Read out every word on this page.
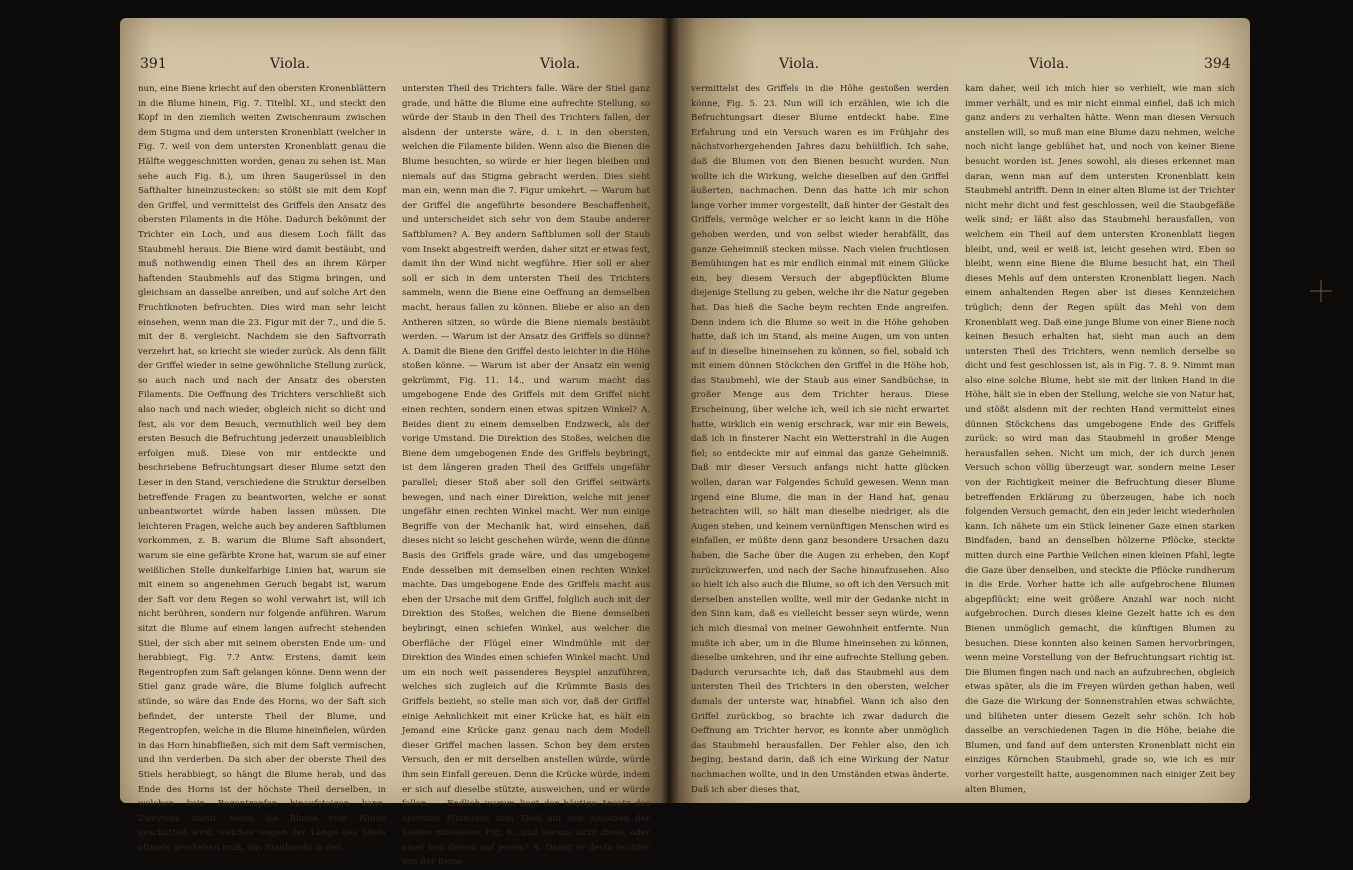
391	Viola.	Viola.

nun, eine Biene kriecht auf den obersten Kronenblättern in die Blume hinein, Fig. 7. Titelbl. XI., und steckt den Kopf in den ziemlich weiten Zwischenraum zwischen dem Stigma und dem untersten Kronenblatt (welcher in Fig. 7. weil von dem untersten Kronenblatt genau die Hälfte weggeschnitten worden, genau zu sehen ist. Man sehe auch Fig. 8.), um ihren Saugerüssel in den Safthalter hineinzustecken: so stößt sie mit dem Kopf den Griffel, und vermittelst des Griffels den Ansatz des obersten Filaments in die Höhe. Dadurch bekömmt der Trichter ein Loch, und aus diesem Loch fällt das Staubmehl heraus. Die Biene wird damit bestäubt, und muß nothwendig einen Theil des an ihrem Körper haftenden Staubmehls auf das Stigma bringen, und gleichsam an dasselbe anreiben, und auf solche Art den Fruchtknoten befruchten. Dies wird man sehr leicht einsehen, wenn man die 23. Figur mit der 7., und die 5. mit der 8. vergleicht. Nachdem sie den Saftvorrath verzehrt hat, so kriecht sie wieder zurück. Als denn fällt der Griffel wieder in seine gewöhnliche Stellung zurück, so auch nach und nach der Ansatz des obersten Filaments. Die Oeffnung des Trichters verschließt sich also nach und nach wieder, obgleich nicht so dicht und fest, als vor dem Besuch, vermuthlich weil bey dem ersten Besuch die Befruchtung jederzeit unausbleiblich erfolgen muß. Diese von mir entdeckte und beschriebene Befruchtungsart dieser Blume setzt den Leser in den Stand, verschiedene die Struktur derselben betreffende Fragen zu beantworten, welche er sonst unbeantwortet würde haben lassen müssen. Die leichteren Fragen, welche auch bey anderen Saftblumen vorkommen, z. B. warum die Blume Saft absondert, warum sie eine gefärbte Krone hat, warum sie auf einer weißlichen Stelle dunkelfarbige Linien hat, warum sie mit einem so angenehmen Geruch begabt ist, warum der Saft vor dem Regen so wohl verwahrt ist, will ich nicht berühren, sondern nur folgende anführen. Warum sitzt die Blume auf einem langen aufrecht stehenden Stiel, der sich aber mit seinem obersten Ende um- und herabbiegt, Fig. 7.? Antw. Erstens, damit kein Regentropfen zum Saft gelangen könne. Denn wenn der Stiel ganz grade wäre, die Blume folglich aufrecht stünde, so wäre das Ende des Horns, wo der Saft sich befindet, der unterste Theil der Blume, und Regentropfen, welche in die Blume hineinfielen, würden in das Horn hinabfließen, sich mit dem Saft vermischen, und ihn verderben. Da sich aber der oberste Theil des Stiels herabbiegt, so hängt die Blume herab, und das Ende des Horns ist der höchste Theil derselben, in welchen kein Regentropfen hinaufsteigen kann. Zweytens damit, wenn die Blume vom Winde geschüttelt wird, welches wegen der Länge des Stiels oftmals geschehen muß, das Staubmehl in den

untersten Theil des Trichters falle. Wäre der Stiel ganz grade, und hätte die Blume eine aufrechte Stellung, so würde der Staub in den Theil des Trichters fallen, der alsdenn der unterste wäre, d. i. in den obersten, welchen die Filamente bilden. Wenn also die Bienen die Blume besuchten, so würde er hier liegen bleiben und niemals auf das Stigma gebracht werden. Dies sieht man ein, wenn man die 7. Figur umkehrt. — Warum hat der Griffel die angeführte besondere Beschaffenheit, und unterscheidet sich sehr von dem Staube anderer Saftblumen? A. Bey andern Saftblumen soll der Staub vom Insekt abgestreift werden, daher sitzt er etwas fest, damit ihn der Wind nicht wegführe. Hier soll er aber soll er sich in dem untersten Theil des Trichters sammeln, wenn die Biene eine Oeffnung an demselben macht, heraus fallen zu können. Bliebe er also an den Antheren sitzen, so würde die Biene niemals bestäubt werden. — Warum ist der Ansatz des Griffels so dünne? A. Damit die Biene den Griffel desto leichter in die Höhe stoßen könne. — Warum ist aber der Ansatz ein wenig gekrümmt, Fig. 11. 14., und warum macht das umgebogene Ende des Griffels mit dem Griffel nicht einen rechten, sondern einen etwas spitzen Winkel? A. Beides dient zu einem demselben Endzweck, als der vorige Umstand. Die Direktion des Stoßes, welchen die Biene dem umgebogenen Ende des Griffels beybringt, ist dem längeren graden Theil des Griffels ungefähr parallel; dieser Stoß aber soll den Griffel seitwärts bewegen, und nach einer Direktion, welche mit jener ungefähr einen rechten Winkel macht. Wer nun einige Begriffe von der Mechanik hat, wird einsehen, daß dieses nicht so leicht geschehen würde, wenn die dünne Basis des Griffels grade wäre, und das umgebogene Ende desselben mit demselben einen rechten Winkel machte. Das umgebogene Ende des Griffels macht aus eben der Ursache mit dem Griffel, folglich auch mit der Direktion des Stoßes, welchen die Biene demselben beybringt, einen schiefen Winkel, aus welcher die Oberfläche der Flügel einer Windmühle mit der Direktion des Windes einen schiefen Winkel macht. Und um ein noch weit passenderes Beyspiel anzuführen, welches sich zugleich auf die Krümmte Basis des Griffels bezieht, so stelle man sich vor, daß der Griffel einige Aehnlichkeit mit einer Krücke hat, es hält ein Jemand eine Krücke ganz genau nach dem Modell dieser Griffel machen lassen. Schon bey dem ersten Versuch, den er mit derselben anstellen würde, würde ihm sein Einfall gereuen. Denn die Krücke würde, indem er sich auf dieselbe stützte, ausweichen, und er würde fallen. — Endlich warum liegt der häutige Ansatz des obersten Filaments zum Theil auf den Ansätzen der beiden mittelsten, Fig. 9., und warum nicht diese, oder einer von diesen auf jenem? A. Damit er desto leichter von der Biene

Viola.	Viola.	394

vermittelst des Griffels in die Höhe gestoßen werden könne, Fig. 5. 23. Nun will ich erzählen, wie ich die Befruchtungsart dieser Blume entdeckt habe. Eine Erfahrung und ein Versuch waren es im Frühjahr des nächstvorhergehenden Jahres dazu behülflich. Ich sahe, daß die Blumen von den Bienen besucht wurden. Nun wollte ich die Wirkung, welche dieselben auf den Griffel äußerten, nachmachen. Denn das hatte ich mir schon lange vorher immer vorgestellt, daß hinter der Gestalt des Griffels, vermöge welcher er so leicht kann in die Höhe gehoben werden, und von selbst wieder herabfällt, das ganze Geheimniß stecken müsse. Nach vielen fruchtlosen Bemühungen hat es mir endlich einmal mit einem Glücke ein, bey diesem Versuch der abgepflückten Blume diejenige Stellung zu geben, welche ihr die Natur gegeben hat. Das hieß die Sache beym rechten Ende angreifen. Denn indem ich die Blume so weit in die Höhe gehoben hatte, daß ich im Stand, als meine Augen, um von unten auf in dieselbe hineinsehen zu können, so fiel, sobald ich mit einem dünnen Stöckchen den Griffel in die Höhe hob, das Staubmehl, wie der Staub aus einer Sandbüchse, in großer Menge aus dem Trichter heraus. Diese Erscheinung, über welche ich, weil ich sie nicht erwartet hatte, wirklich ein wenig erschrack, war mir ein Beweis, daß ich in finsterer Nacht ein Wetterstrahl in die Augen fiel; so entdeckte mir auf einmal das ganze Geheimniß. Daß mir dieser Versuch anfangs nicht hatte glücken wollen, daran war Folgendes Schuld gewesen. Wenn man irgend eine Blume, die man in der Hand hat, genau betrachten will, so hält man dieselbe niedriger, als die Augen stehen, und keinem vernünftigen Menschen wird es einfallen, er müßte denn ganz besondere Ursachen dazu haben, die Sache über die Augen zu erheben, den Kopf zurückzuwerfen, und nach der Sache hinaufzusehen. Also so hielt ich also auch die Blume, so oft ich den Versuch mit derselben anstellen wollte, weil mir der Gedanke nicht in den Sinn kam, daß es vielleicht besser seyn würde, wenn ich mich diesmal von meiner Gewohnheit entfernte. Nun mußte ich aber, um in die Blume hineinsehen zu können, dieselbe umkehren, und ihr eine aufrechte Stellung geben. Dadurch verursachte ich, daß das Staubmehl aus dem untersten Theil des Trichters in den obersten, welcher damals der unterste war, hinabfiel. Wann ich also den Griffel zurückbog, so brachte ich zwar dadurch die Oeffnung am Trichter hervor, es konnte aber unmöglich das Staubmehl herausfallen. Der Fehler also, den ich beging, bestand darin, daß ich eine Wirkung der Natur nachmachen wollte, und in den Umständen etwas änderte. Daß ich aber dieses that,

kam daher, weil ich mich hier so verhielt, wie man sich immer verhält, und es mir nicht einmal einfiel, daß ich mich ganz anders zu verhalten hätte. Wenn man diesen Versuch anstellen will, so muß man eine Blume dazu nehmen, welche noch nicht lange geblühet hat, und noch von keiner Biene besucht worden ist. Jenes sowohl, als dieses erkennet man daran, wenn man auf dem untersten Kronenblatt kein Staubmehl antrifft. Denn in einer alten Blume ist der Trichter nicht mehr dicht und fest geschlossen, weil die Staubgefäße welk sind; er läßt also das Staubmehl herausfallen, von welchem ein Theil auf dem untersten Kronenblatt liegen bleibt, und, weil er weiß ist, leicht gesehen wird. Eben so bleibt, wenn eine Biene die Blume besucht hat, ein Theil dieses Mehls auf dem untersten Kronenblatt liegen. Nach einem anhaltenden Regen aber ist dieses Kennzeichen trüglich; denn der Regen spült das Mehl von dem Kronenblatt weg. Daß eine junge Blume von einer Biene noch keinen Besuch erhalten hat, sieht man auch an dem untersten Theil des Trichters, wenn nemlich derselbe so dicht und fest geschlossen ist, als in Fig. 7. 8. 9. Nimmt man also eine solche Blume, hebt sie mit der linken Hand in die Höhe, hält sie in eben der Stellung, welche sie von Natur hat, und stößt alsdenn mit der rechten Hand vermittelst eines dünnen Stöckchens das umgebogene Ende des Griffels zurück: so wird man das Staubmehl in großer Menge herausfallen sehen. Nicht um mich, der ich durch jenen Versuch schon völlig überzeugt war, sondern meine Leser von der Richtigkeit meiner die Befruchtung dieser Blume betreffenden Erklärung zu überzeugen, habe ich noch folgenden Versuch gemacht, den ein jeder leicht wiederholen kann. Ich nähete um ein Stück leinener Gaze einen starken Bindfaden, band an denselben hölzerne Pflöcke, steckte mitten durch eine Parthie Veilchen einen kleinen Pfahl, legte die Gaze über denselben, und steckte die Pflöcke rundherum in die Erde. Vorher hatte ich alle aufgebrochene Blumen abgepflückt; eine weit größere Anzahl war noch nicht aufgebrochen. Durch dieses kleine Gezelt hatte ich es den Bienen unmöglich gemacht, die künftigen Blumen zu besuchen. Diese konnten also keinen Samen hervorbringen, wenn meine Vorstellung von der Befruchtungsart richtig ist. Die Blumen fingen nach und nach an aufzubrechen, obgleich etwas später, als die im Freyen würden gethan haben, weil die Gaze die Wirkung der Sonnenstrahlen etwas schwächte, und blüheten unter diesem Gezelt sehr schön. Ich hob dasselbe an verschiedenen Tagen in die Höhe, beiahe die Blumen, und fand auf dem untersten Kronenblatt nicht ein einziges Körnchen Staubmehl, grade so, wie ich es mir vorher vorgestellt hatte, ausgenommen nach einiger Zeit bey alten Blumen,
